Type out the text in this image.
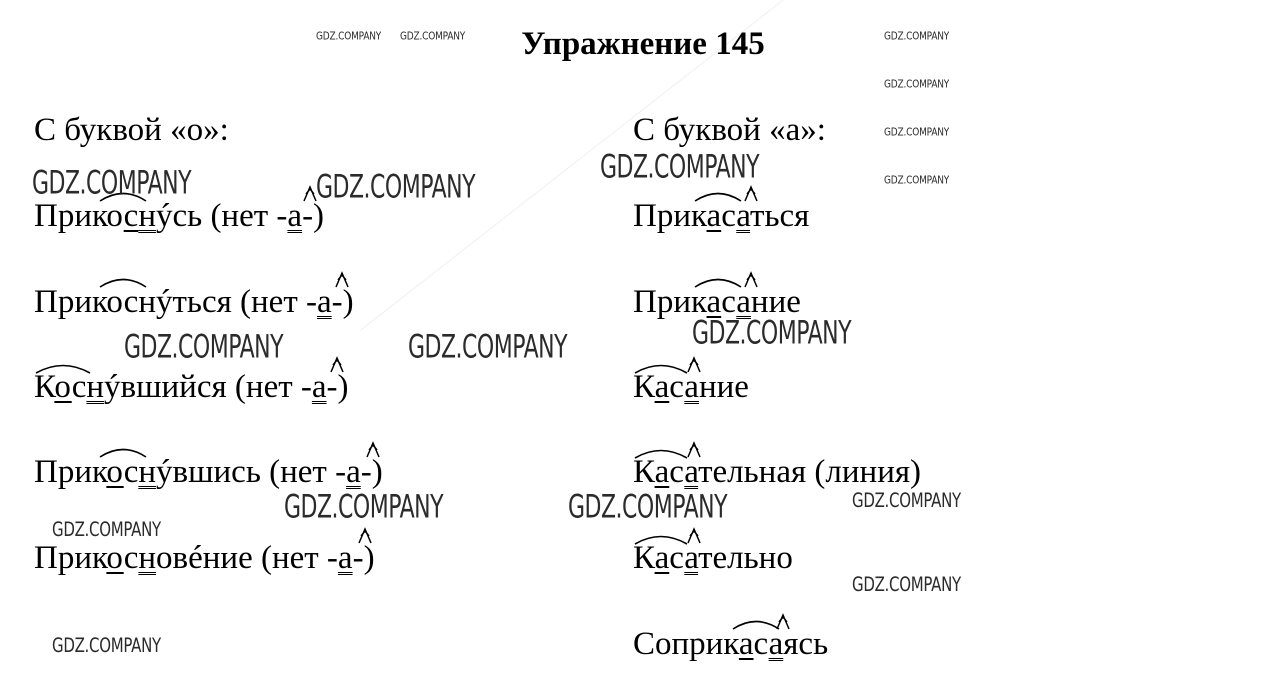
Упражнение 145
С буквой «о»:
Прикоснýсь (нет -а-)
Прикоснýться (нет -а-)
Коснýвшийся (нет -а-)
Прикоснýвшись (нет -а-)
Прикосновéние (нет -а-)
С буквой «а»:
Прикасаться
Прикасание
Касание
Касательная (линия)
Касательно
Соприкасаясь
GDZ.COMPANY GDZ.COMPANY	GDZ.COMPANY
GDZ.COMPANY
GDZ.COMPANY
GDZ.COMPANY
GDZ.COMPANY	GDZ.COMPANY
GDZ.COMPANY
GDZ.COMPANY	GDZ.COMPANY	GDZ.COMPANY
GDZ.COMPANY	GDZ.COMPANY
GDZ.COMPANY
GDZ.COMPANY
GDZ.COMPANY
GDZ.COMPANY
